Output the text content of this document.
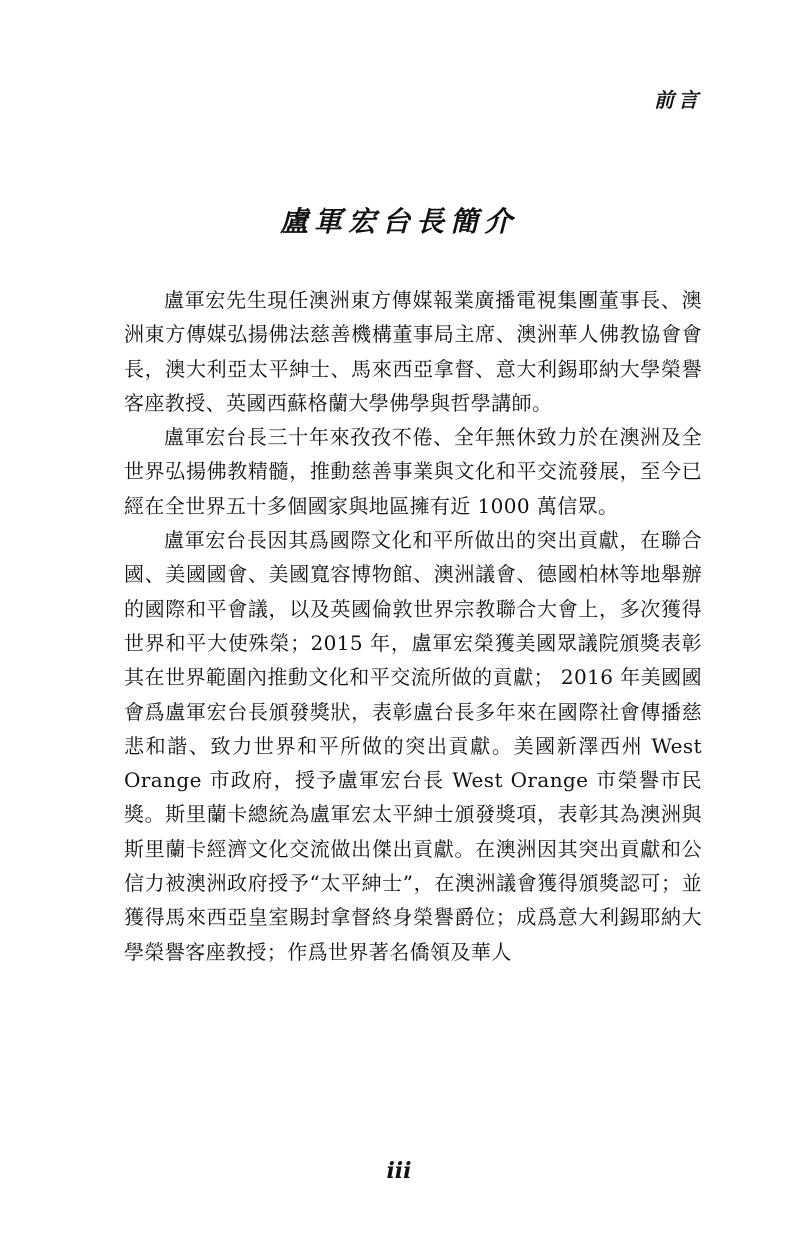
前言
盧軍宏台長簡介

盧軍宏先生現任澳洲東方傳媒報業廣播電視集團董事長、澳洲東方傳媒弘揚佛法慈善機構董事局主席、澳洲華人佛教協會會長，澳大利亞太平紳士、馬來西亞拿督、意大利錫耶納大學榮譽客座教授、英國西蘇格蘭大學佛學與哲學講師。

盧軍宏台長三十年來孜孜不倦、全年無休致力於在澳洲及全世界弘揚佛教精髓，推動慈善事業與文化和平交流發展，至今已經在全世界五十多個國家與地區擁有近 1000 萬信眾。

盧軍宏台長因其爲國際文化和平所做出的突出貢獻，在聯合國、美國國會、美國寬容博物館、澳洲議會、德國柏林等地舉辦的國際和平會議，以及英國倫敦世界宗教聯合大會上，多次獲得世界和平大使殊榮；2015 年，盧軍宏榮獲美國眾議院頒獎表彰其在世界範圍內推動文化和平交流所做的貢獻； 2016 年美國國會爲盧軍宏台長頒發獎狀，表彰盧台長多年來在國際社會傳播慈悲和諧、致力世界和平所做的突出貢獻。美國新澤西州 West Orange 市政府，授予盧軍宏台長 West Orange 市榮譽市民獎。斯里蘭卡總統為盧軍宏太平紳士頒發獎項，表彰其為澳洲與斯里蘭卡經濟文化交流做出傑出貢獻。在澳洲因其突出貢獻和公信力被澳洲政府授予“太平紳士”，在澳洲議會獲得頒獎認可；並獲得馬來西亞皇室賜封拿督終身榮譽爵位；成爲意大利錫耶納大學榮譽客座教授；作爲世界著名僑領及華人

iii
